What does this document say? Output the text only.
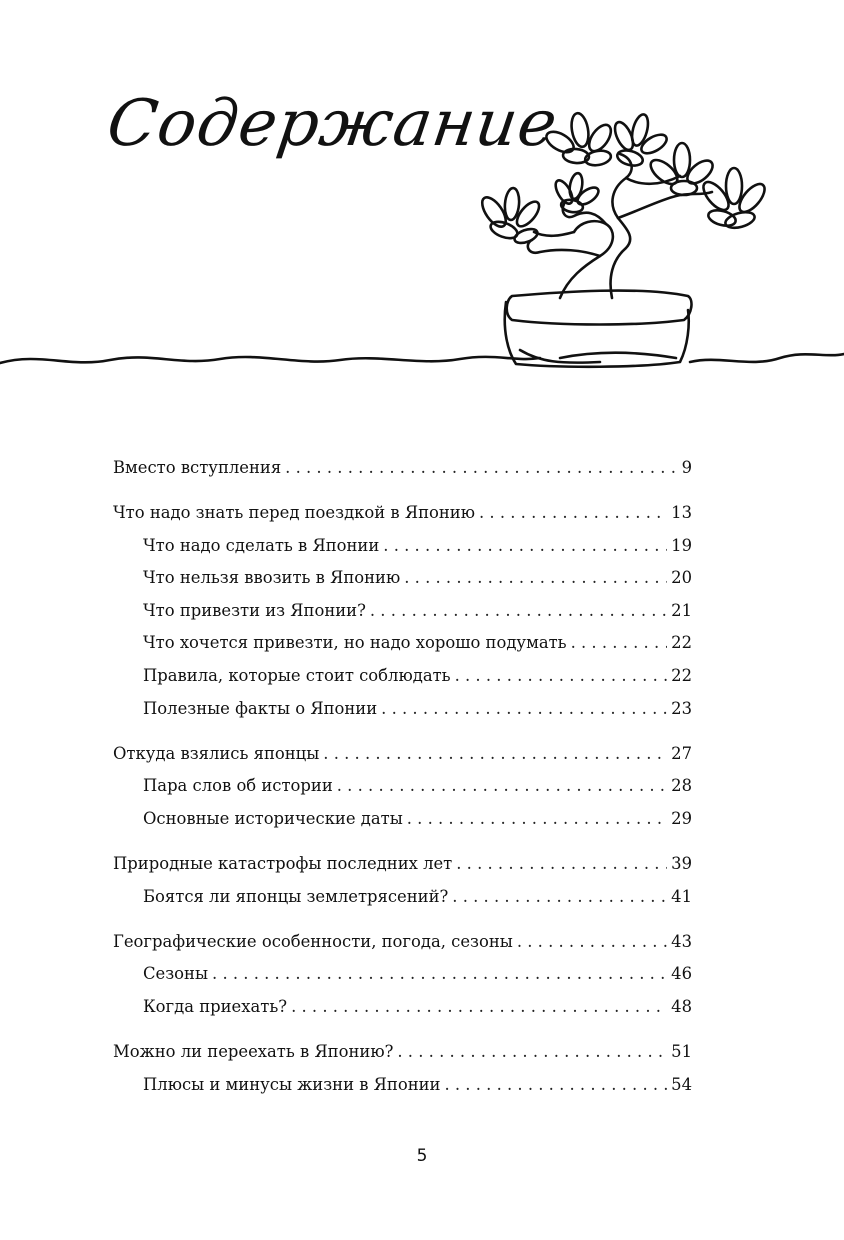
Содержание
Вместо вступления . . .	9
Что надо знать перед поездкой в Японию . . .	13
Что надо сделать в Японии . . .	19
Что нельзя ввозить в Японию . . .	20
Что привезти из Японии? . . .	21
Что хочется привезти, но надо хорошо подумать . . .	22
Правила, которые стоит соблюдать . . .	22
Полезные факты о Японии . . .	23
Откуда взялись японцы . . .	27
Пара слов об истории . . .	28
Основные исторические даты . . .	29
Природные катастрофы последних лет . . .	39
Боятся ли японцы землетрясений? . . .	41
Географические особенности, погода, сезоны . . .	43
Сезоны . . .	46
Когда приехать? . . .	48
Можно ли переехать в Японию? . . .	51
Плюсы и минусы жизни в Японии . . .	54
5
